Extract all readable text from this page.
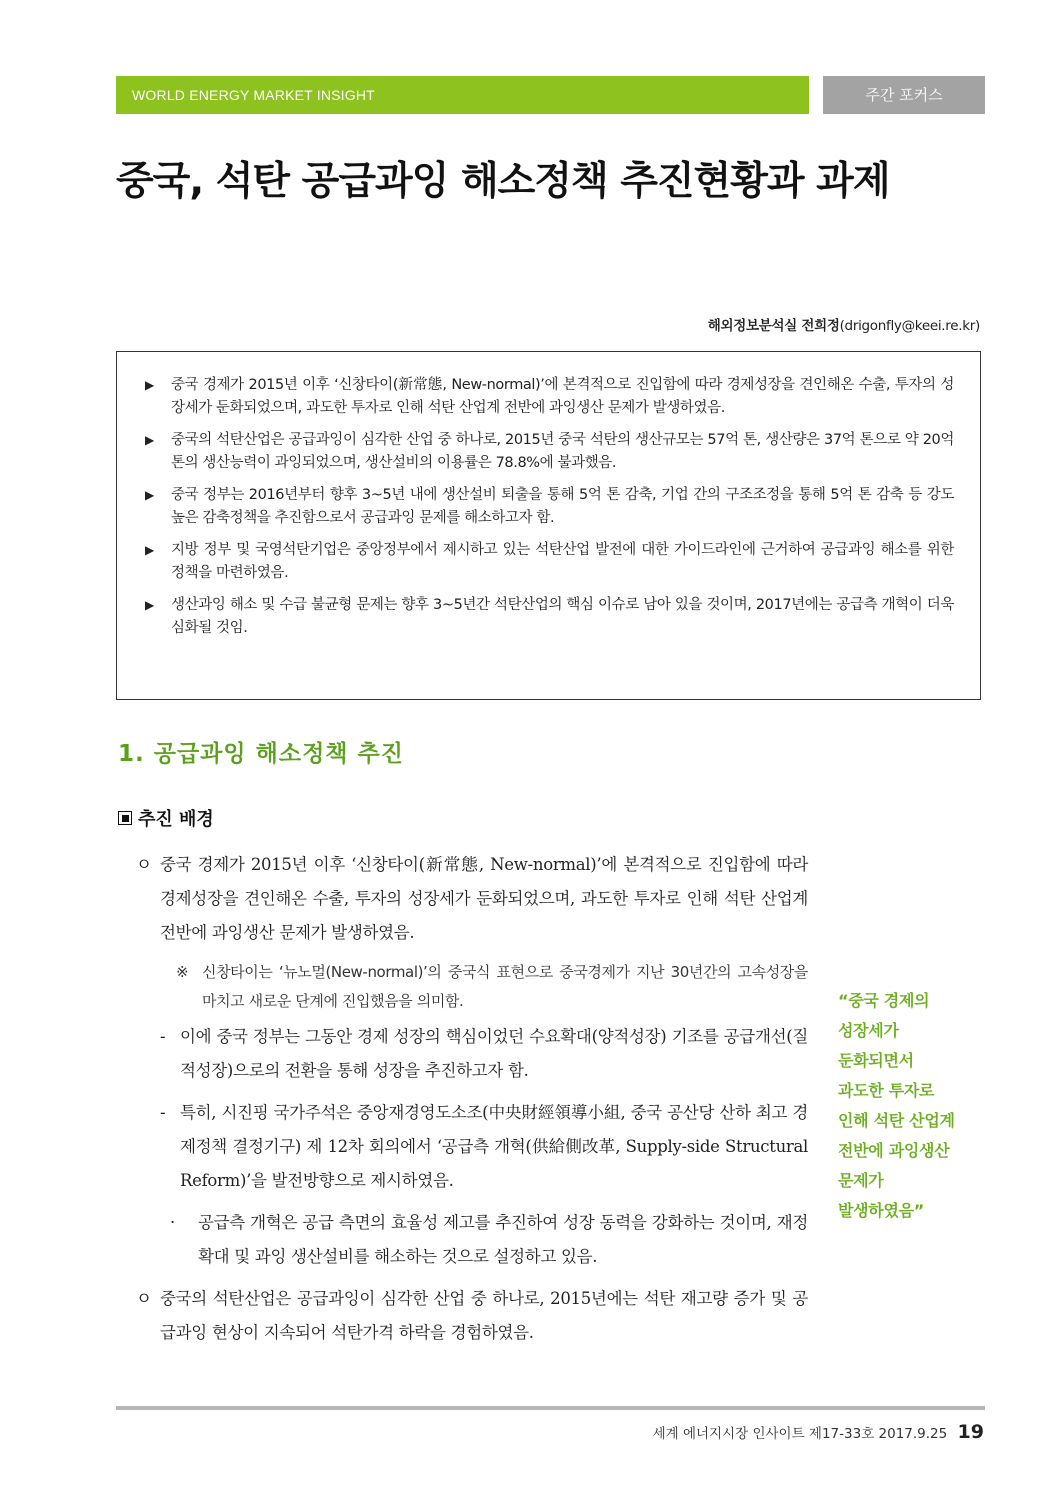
WORLD ENERGY MARKET INSIGHT	주간 포커스
중국, 석탄 공급과잉 해소정책 추진현황과 과제
해외정보분석실 전희정(drigonfly@keei.re.kr)
▶ 중국 경제가 2015년 이후 ‘신창타이(新常態, New-normal)’에 본격적으로 진입함에 따라 경제성장을 견인해온 수출, 투자의 성장세가 둔화되었으며, 과도한 투자로 인해 석탄 산업계 전반에 과잉생산 문제가 발생하였음.
▶ 중국의 석탄산업은 공급과잉이 심각한 산업 중 하나로, 2015년 중국 석탄의 생산규모는 57억 톤, 생산량은 37억 톤으로 약 20억 톤의 생산능력이 과잉되었으며, 생산설비의 이용률은 78.8%에 불과했음.
▶ 중국 정부는 2016년부터 향후 3~5년 내에 생산설비 퇴출을 통해 5억 톤 감축, 기업 간의 구조조정을 통해 5억 톤 감축 등 강도 높은 감축정책을 추진함으로서 공급과잉 문제를 해소하고자 함.
▶ 지방 정부 및 국영석탄기업은 중앙정부에서 제시하고 있는 석탄산업 발전에 대한 가이드라인에 근거하여 공급과잉 해소를 위한 정책을 마련하였음.
▶ 생산과잉 해소 및 수급 불균형 문제는 향후 3~5년간 석탄산업의 핵심 이슈로 남아 있을 것이며, 2017년에는 공급측 개혁이 더욱 심화될 것임.
1. 공급과잉 해소정책 추진
추진 배경

ㅇ 중국 경제가 2015년 이후 ‘신창타이(新常態, New-normal)’에 본격적으로 진입함에 따라 경제성장을 견인해온 수출, 투자의 성장세가 둔화되었으며, 과도한 투자로 인해 석탄 산업계 전반에 과잉생산 문제가 발생하였음.

※ 신창타이는 ‘뉴노멀(New-normal)’의 중국식 표현으로 중국경제가 지난 30년간의 고속성장을 마치고 새로운 단계에 진입했음을 의미함.

- 이에 중국 정부는 그동안 경제 성장의 핵심이었던 수요확대(양적성장) 기조를 공급개선(질적성장)으로의 전환을 통해 성장을 추진하고자 함.

- 특히, 시진핑 국가주석은 중앙재경영도소조(中央財經領導小組, 중국 공산당 산하 최고 경제정책 결정기구) 제 12차 회의에서 ‘공급측 개혁(供給側改革, Supply-side Structural Reform)’을 발전방향으로 제시하였음.

· 공급측 개혁은 공급 측면의 효율성 제고를 추진하여 성장 동력을 강화하는 것이며, 재정확대 및 과잉 생산설비를 해소하는 것으로 설정하고 있음.

ㅇ 중국의 석탄산업은 공급과잉이 심각한 산업 중 하나로, 2015년에는 석탄 재고량 증가 및 공급과잉 현상이 지속되어 석탄가격 하락을 경험하였음.

“중국 경제의
성장세가
둔화되면서
과도한 투자로
인해 석탄 산업계
전반에 과잉생산
문제가
발생하였음”
세계 에너지시장 인사이트 제17-33호 2017.9.25 19
